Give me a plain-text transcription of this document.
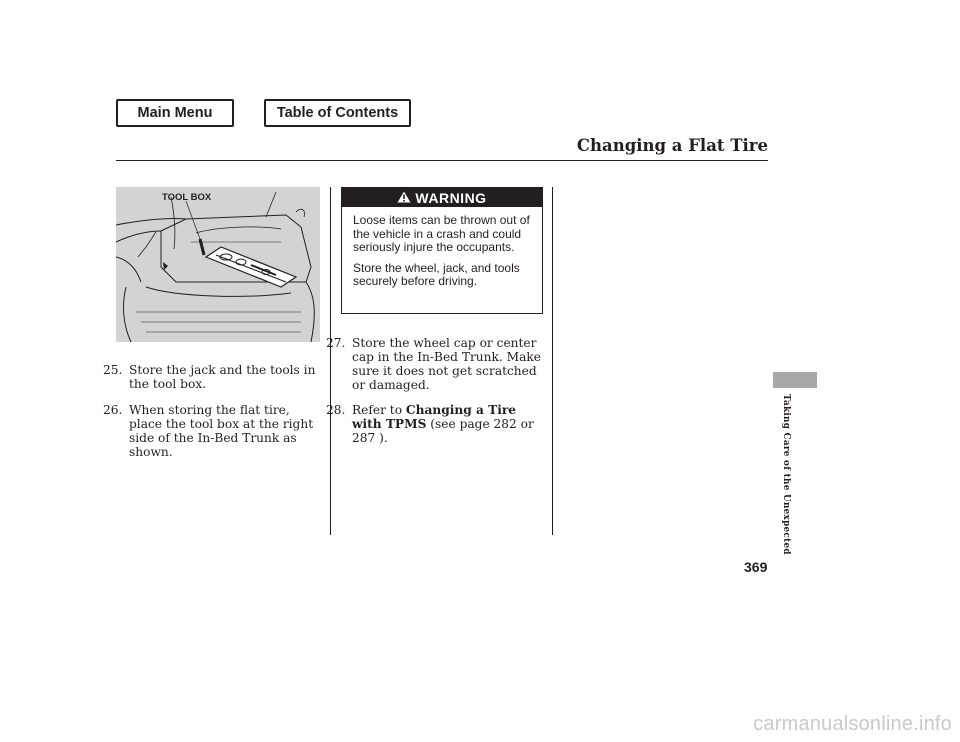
Main Menu	Table of Contents
Changing a Flat Tire
TOOL BOX	WARNING

Loose items can be thrown out of the vehicle in a crash and could seriously injure the occupants.

Store the wheel, jack, and tools securely before driving.

25. Store the jack and the tools in the tool box.
26. When storing the flat tire, place the tool box at the right side of the In-Bed Trunk as shown.
27. Store the wheel cap or center cap in the In-Bed Trunk. Make sure it does not get scratched or damaged.
28. Refer to Changing a Tire with TPMS (see page 282 or 287 ).	Taking Care of the Unexpected
369
carmanualsonline.info
